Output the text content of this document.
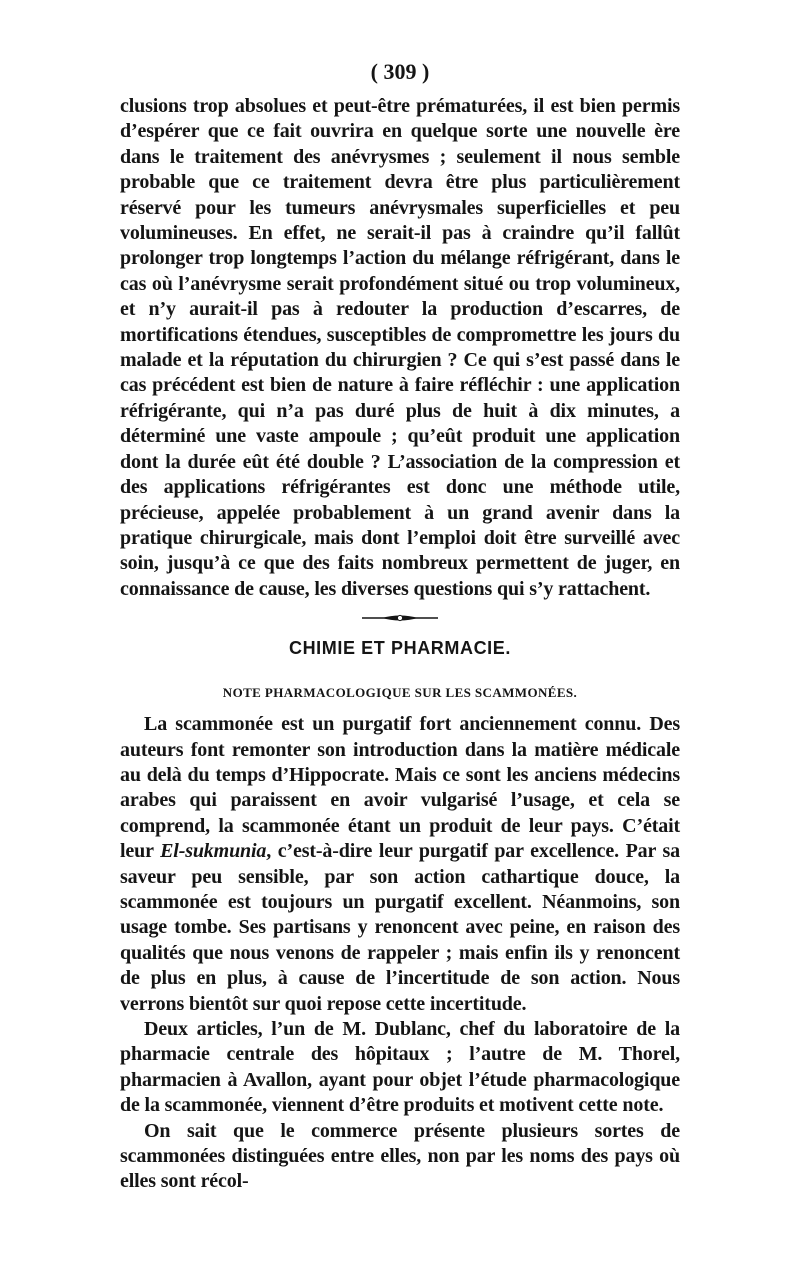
( 309 )

clusions trop absolues et peut-être prématurées, il est bien permis d’espérer que ce fait ouvrira en quelque sorte une nouvelle ère dans le traitement des anévrysmes ; seulement il nous semble probable que ce traitement devra être plus particulièrement réservé pour les tumeurs anévrysmales superficielles et peu volumineuses. En effet, ne serait-il pas à craindre qu’il fallût prolonger trop longtemps l’action du mélange réfrigérant, dans le cas où l’anévrysme serait profondément situé ou trop volumineux, et n’y aurait-il pas à redouter la production d’escarres, de mortifications étendues, susceptibles de compromettre les jours du malade et la réputation du chirurgien ? Ce qui s’est passé dans le cas précédent est bien de nature à faire réfléchir : une application réfrigérante, qui n’a pas duré plus de huit à dix minutes, a déterminé une vaste ampoule ; qu’eût produit une application dont la durée eût été double ? L’association de la compression et des applications réfrigérantes est donc une méthode utile, précieuse, appelée probablement à un grand avenir dans la pratique chirurgicale, mais dont l’emploi doit être surveillé avec soin, jusqu’à ce que des faits nombreux permettent de juger, en connaissance de cause, les diverses questions qui s’y rattachent.

CHIMIE ET PHARMACIE.
NOTE PHARMACOLOGIQUE SUR LES SCAMMONÉES.

La scammonée est un purgatif fort anciennement connu. Des auteurs font remonter son introduction dans la matière médicale au delà du temps d’Hippocrate. Mais ce sont les anciens médecins arabes qui paraissent en avoir vulgarisé l’usage, et cela se comprend, la scammonée étant un produit de leur pays. C’était leur El-sukmunia, c’est-à-dire leur purgatif par excellence. Par sa saveur peu sensible, par son action cathartique douce, la scammonée est toujours un purgatif excellent. Néanmoins, son usage tombe. Ses partisans y renoncent avec peine, en raison des qualités que nous venons de rappeler ; mais enfin ils y renoncent de plus en plus, à cause de l’incertitude de son action. Nous verrons bientôt sur quoi repose cette incertitude.

Deux articles, l’un de M. Dublanc, chef du laboratoire de la pharmacie centrale des hôpitaux ; l’autre de M. Thorel, pharmacien à Avallon, ayant pour objet l’étude pharmacologique de la scammonée, viennent d’être produits et motivent cette note.

On sait que le commerce présente plusieurs sortes de scammonées distinguées entre elles, non par les noms des pays où elles sont récol-
